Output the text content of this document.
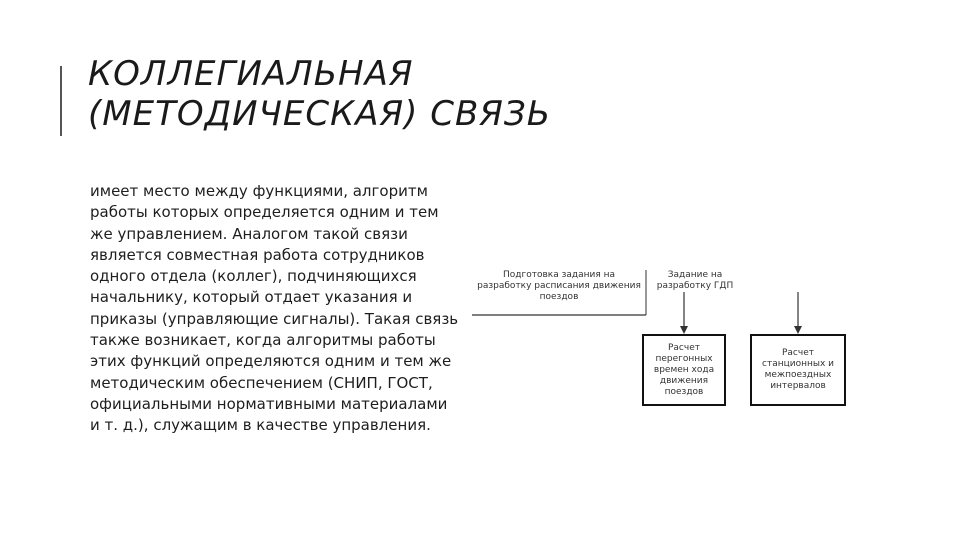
КОЛЛЕГИАЛЬНАЯ
(МЕТОДИЧЕСКАЯ) СВЯЗЬ

имеет место между функциями, алгоритм работы которых определяется одним и тем же управлением. Аналогом такой связи является совместная работа сотрудников одного отдела (коллег), подчиняющихся начальнику, который отдает указания и приказы (управляющие сигналы). Такая связь также возникает, когда алгоритмы работы этих функций определяются одним и тем же методическим обеспечением (СНИП, ГОСТ, официальными нормативными материалами и т. д.), служащим в качестве управления.

Подготовка задания на
разработку расписания движения
поездов
Задание на
разработку ГДП
Расчет
перегонных
времен хода
движения
поездов
Расчет
станционных и
межпоездных
интервалов
